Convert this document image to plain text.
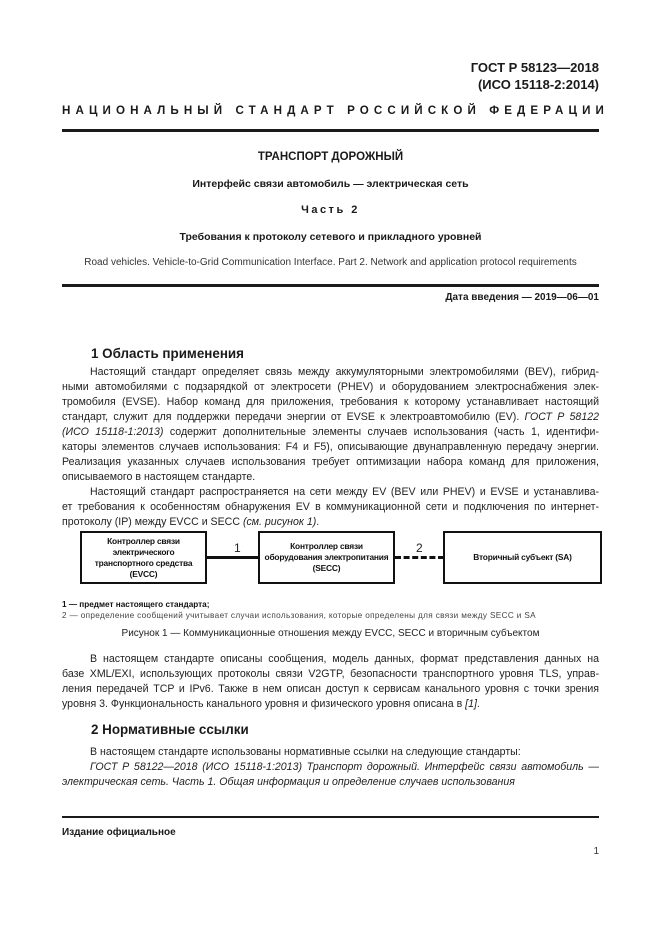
ГОСТ Р 58123—2018
(ИСО 15118-2:2014)
НАЦИОНАЛЬНЫЙ СТАНДАРТ РОССИЙСКОЙ ФЕДЕРАЦИИ
ТРАНСПОРТ ДОРОЖНЫЙ
Интерфейс связи автомобиль — электрическая сеть
Часть 2
Требования к протоколу сетевого и прикладного уровней
Road vehicles. Vehicle-to-Grid Communication Interface. Part 2. Network and application protocol requirements
Дата введения — 2019—06—01
1 Область применения
Настоящий стандарт определяет связь между аккумуляторными электромобилями (BEV), гибрид-
ными автомобилями с подзарядкой от электросети (PHEV) и оборудованием электроснабжения элек-
тромобиля (EVSE). Набор команд для приложения, требования к которому устанавливает настоящий
стандарт, служит для поддержки передачи энергии от EVSE к электроавтомобилю (EV). ГОСТ Р 58122
(ИСО 15118-1:2013) содержит дополнительные элементы случаев использования (часть 1, идентифи-
каторы элементов случаев использования: F4 и F5), описывающие двунаправленную передачу энергии.
Реализация указанных случаев использования требует оптимизации набора команд для приложения,
описываемого в настоящем стандарте.
Настоящий стандарт распространяется на сети между EV (BEV или PHEV) и EVSE и устанавлива-
ет требования к особенностям обнаружения EV в коммуникационной сети и подключения по интернет-
протоколу (IP) между EVCC и SECC (см. рисунок 1).
Контроллер связи электрического транспортного средства (EVCC)
1	Контроллер связи оборудования электропитания (SECC)
2
Вторичный субъект (SA)
1 — предмет настоящего стандарта;
2 — определение сообщений учитывает случаи использования, которые определены для связи между SECC и SA
Рисунок 1 — Коммуникационные отношения между EVCC, SECC и вторичным субъектом
В настоящем стандарте описаны сообщения, модель данных, формат представления данных на
базе XML/EXI, использующих протоколы связи V2GTP, безопасности транспортного уровня TLS, управ-
ления передачей TCP и IPv6. Также в нем описан доступ к сервисам канального уровня с точки зрения
уровня 3. Функциональность канального уровня и физического уровня описана в [1].
2 Нормативные ссылки
В настоящем стандарте использованы нормативные ссылки на следующие стандарты:
ГОСТ Р 58122—2018 (ИСО 15118-1:2013) Транспорт дорожный. Интерфейс связи автомобиль —
электрическая сеть. Часть 1. Общая информация и определение случаев использования
Издание официальное
1
